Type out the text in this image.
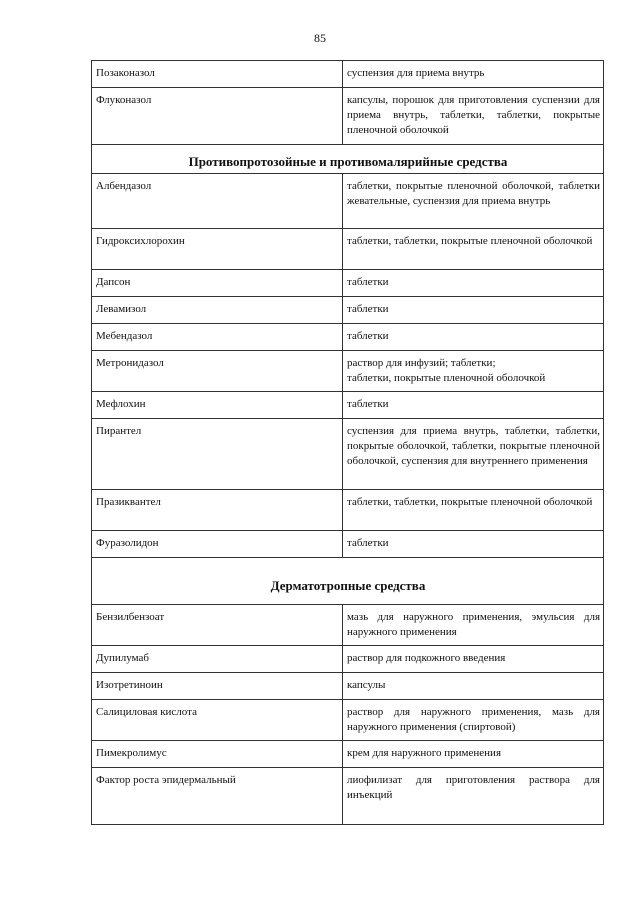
85
Позаконазол	суспензия для приема внутрь
Флуконазол	капсулы, порошок для приготовления суспензии для приема внутрь, таблетки, таблетки, покрытые пленочной оболочкой
Противопротозойные и противомалярийные средства	
Албендазол	таблетки, покрытые пленочной оболочкой, таблетки жевательные, суспензия для приема внутрь
Гидроксихлорохин	таблетки, таблетки, покрытые пленочной оболочкой
Дапсон	таблетки
Левамизол	таблетки
Мебендазол	таблетки
Метронидазол	раствор для инфузий; таблетки;
таблетки, покрытые пленочной оболочкой
Мефлохин	таблетки
Пирантел	суспензия для приема внутрь, таблетки, таблетки, покрытые оболочкой, таблетки, покрытые пленочной оболочкой, суспензия для внутреннего применения
Празиквантел	таблетки, таблетки, покрытые пленочной оболочкой
Фуразолидон	таблетки
Дерматотропные средства	
Бензилбензоат	мазь для наружного применения, эмульсия для наружного применения
Дупилумаб	раствор для подкожного введения
Изотретиноин	капсулы
Салициловая кислота	раствор для наружного применения, мазь для наружного применения (спиртовой)
Пимекролимус	крем для наружного применения
Фактор роста эпидермальный	лиофилизат для приготовления раствора для инъекций
